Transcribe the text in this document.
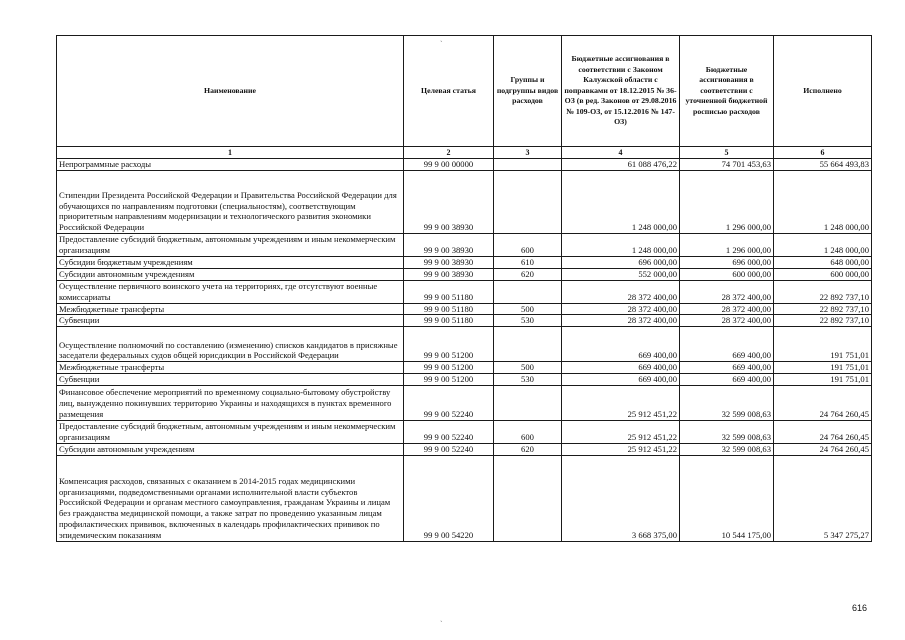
`
Наименование	Целевая статья	Группы и подгруппы видов расходов	Бюджетные ассигнования в соответствии с Законом Калужской области с поправками от 18.12.2015 № 36-ОЗ (в ред. Законов от 29.08.2016 № 109-ОЗ, от 15.12.2016 № 147-ОЗ)	Бюджетные ассигнования в соответствии с уточненной бюджетной росписью расходов	Исполнено
1	2	3	4	5	6
Непрограммные расходы	99 9 00 00000		61 088 476,22	74 701 453,63	55 664 493,83
Стипендии Президента Российской Федерации и Правительства Российской Федерации для обучающихся по направлениям подготовки (специальностям), соответствующим приоритетным направлениям модернизации и технологического развития экономики Российской Федерации	99 9 00 38930		1 248 000,00	1 296 000,00	1 248 000,00
Предоставление субсидий бюджетным, автономным учреждениям и иным некоммерческим организациям	99 9 00 38930	600	1 248 000,00	1 296 000,00	1 248 000,00
Субсидии бюджетным учреждениям	99 9 00 38930	610	696 000,00	696 000,00	648 000,00
Субсидии автономным учреждениям	99 9 00 38930	620	552 000,00	600 000,00	600 000,00
Осуществление первичного воинского учета на территориях, где отсутствуют военные комиссариаты	99 9 00 51180		28 372 400,00	28 372 400,00	22 892 737,10
Межбюджетные трансферты	99 9 00 51180	500	28 372 400,00	28 372 400,00	22 892 737,10
Субвенции	99 9 00 51180	530	28 372 400,00	28 372 400,00	22 892 737,10
Осуществление полномочий по составлению (изменению) списков кандидатов в присяжные заседатели федеральных судов общей юрисдикции в Российской Федерации	99 9 00 51200		669 400,00	669 400,00	191 751,01
Межбюджетные трансферты	99 9 00 51200	500	669 400,00	669 400,00	191 751,01
Субвенции	99 9 00 51200	530	669 400,00	669 400,00	191 751,01
Финансовое обеспечение мероприятий по временному социально-бытовому обустройству лиц, вынужденно покинувших территорию Украины и находящихся в пунктах временного размещения	99 9 00 52240		25 912 451,22	32 599 008,63	24 764 260,45
Предоставление субсидий бюджетным, автономным учреждениям и иным некоммерческим организациям	99 9 00 52240	600	25 912 451,22	32 599 008,63	24 764 260,45
Субсидии автономным учреждениям	99 9 00 52240	620	25 912 451,22	32 599 008,63	24 764 260,45
Компенсация расходов, связанных с оказанием в 2014-2015 годах медицинскими организациями, подведомственными органами исполнительной власти субъектов Российской Федерации и органам местного самоуправления, гражданам Украины и лицам без гражданства медицинской помощи, а также затрат по проведению указанным лицам профилактических прививок, включенных в календарь профилактических прививок по эпидемическим показаниям	99 9 00 54220		3 668 375,00	10 544 175,00	5 347 275,27
616
`
